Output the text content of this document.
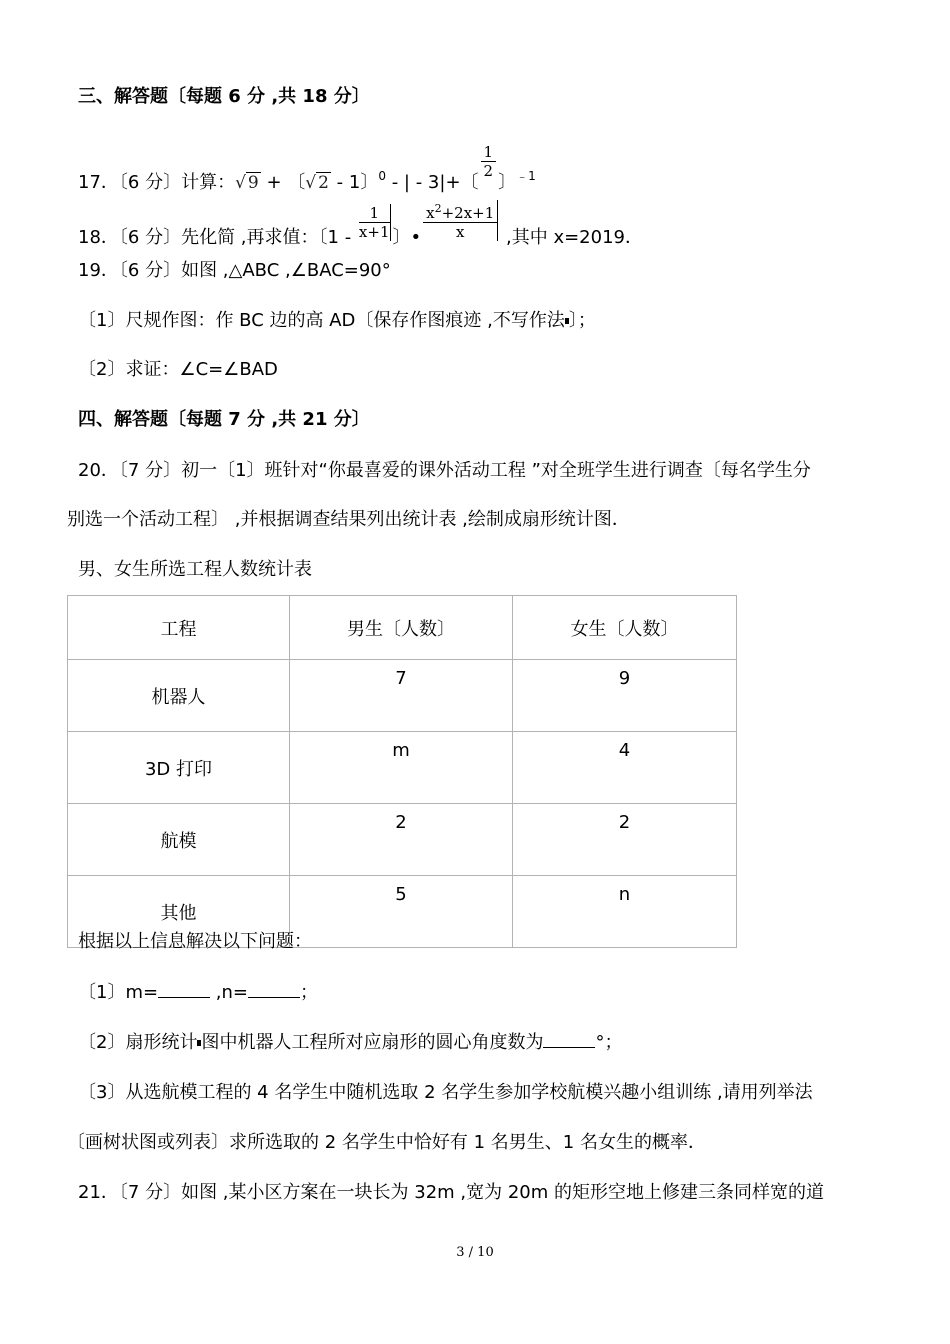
三、解答题〔每题 6 分 ,共 18 分〕
17．〔6 分〕计算：√ 9 + 〔√ 2 - 1〕$^0$ - | - 3|+〔
$\frac{1}{2}$
〕$^{﹣1}$
18．〔6 分〕先化简 ,再求值：〔$1 - \frac{1}{x+1}$ 〕• $\frac{x^2+2x+1}{x}$ ,其中 x=2019．
19．〔6 分〕如图 ,△ABC ,∠BAC=90°
〔1〕尺规作图：作 BC 边的高 AD〔保存作图痕迹 ,不写作法 〕；
〔2〕求证：∠C=∠BAD
四、解答题〔每题 7 分 ,共 21 分〕
20．〔7 分〕初一〔1〕班针对“你最喜爱的课外活动工程 ”对全班学生进行调查〔每名学生分
别选一个活动工程〕 ,并根据调查结果列出统计表 ,绘制成扇形统计图．
男、女生所选工程人数统计表
工程	男生〔人数〕	女生〔人数〕
机器人	7	9
3D 打印	m	4
航模	2	2
其他	5	n
根据以上信息解决以下问题：
〔1〕m=	,n=	；
〔2〕扇形统计 图中机器人工程所对应扇形的圆心角度数为	°；
〔3〕从选航模工程的 4 名学生中随机选取 2 名学生参加学校航模兴趣小组训练 ,请用列举法
〔画树状图或列表〕求所选取的 2 名学生中恰好有 1 名男生、1 名女生的概率．
21．〔7 分〕如图 ,某小区方案在一块长为 32m ,宽为 20m 的矩形空地上修建三条同样宽的道
3 / 10
